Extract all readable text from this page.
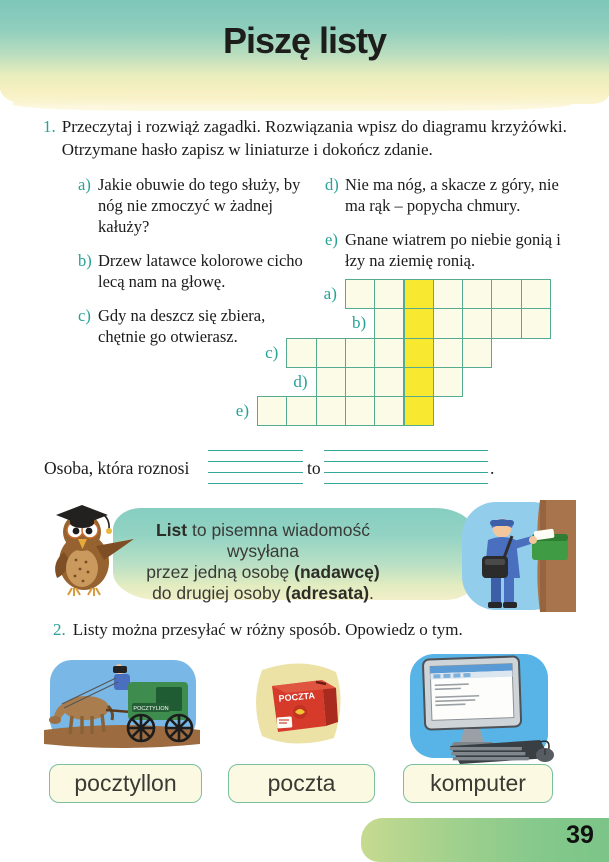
Piszę listy
1. Przeczytaj i rozwiąż zagadki. Rozwiązania wpisz do diagramu krzyżówki.
Otrzymane hasło zapisz w liniaturze i dokończ zdanie.
a) Jakie obuwie do tego służy, by nóg nie zmoczyć w żadnej kałuży?
b) Drzew latawce kolorowe cicho lecą nam na głowę.
c) Gdy na deszcz się zbiera, chętnie go otwierasz.
d) Nie ma nóg, a skacze z góry, nie ma rąk – popycha chmury.
e) Gnane wiatrem po niebie gonią i łzy na ziemię ronią.
a)
b)
c)
d)
e)
Osoba, która roznosi	to	.
List to pisemna wiadomość wysyłana
przez jedną osobę (nadawcę)
do drugiej osoby (adresata).
2. Listy można przesyłać w różny sposób. Opowiedz o tym.
POCZTYLION
POCZTA
pocztyllon	poczta	komputer
39
